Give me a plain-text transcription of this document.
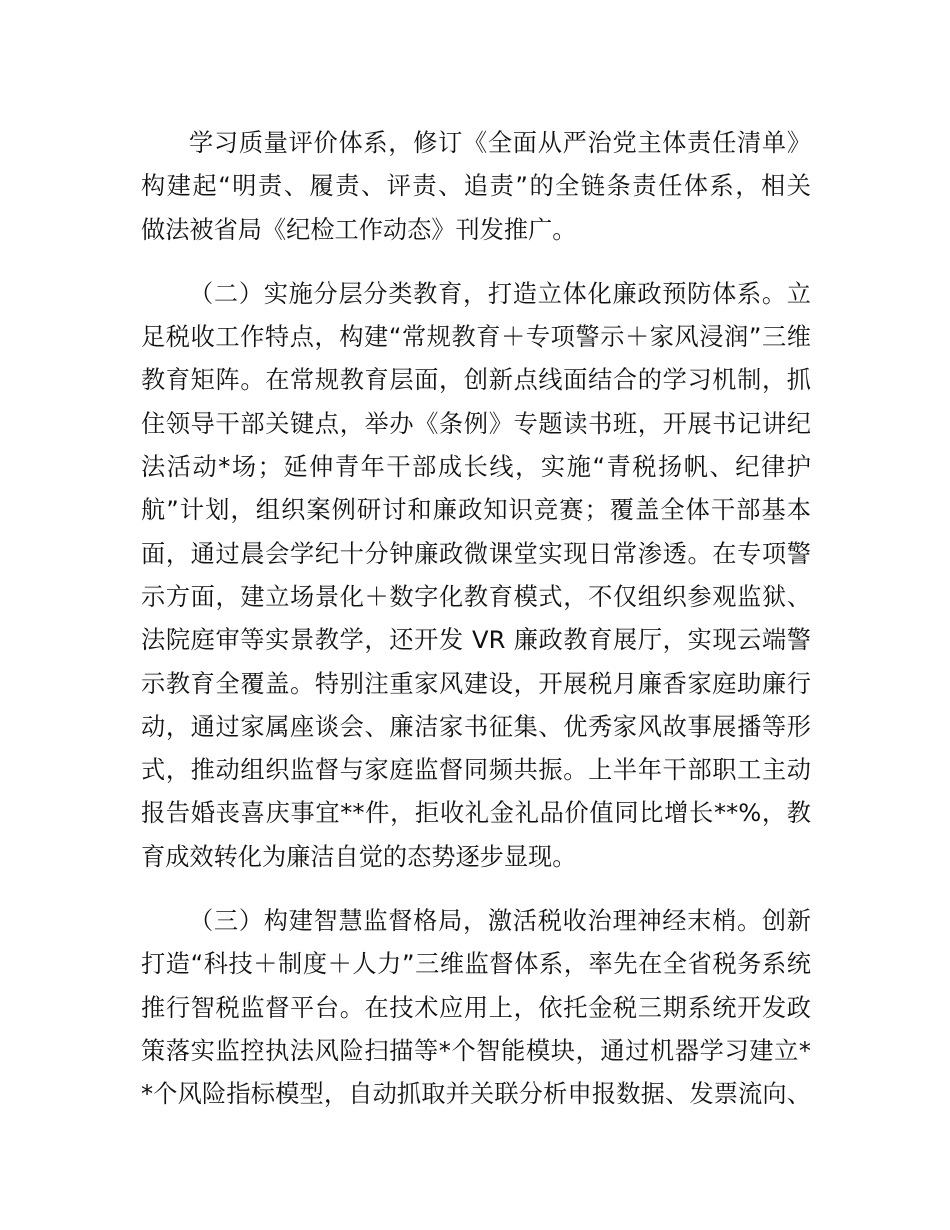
学习质量评价体系，修订《全面从严治党主体责任清单》
构建起“明责、履责、评责、追责”的全链条责任体系，相关
做法被省局《纪检工作动态》刊发推广。

（二）实施分层分类教育，打造立体化廉政预防体系。立
足税收工作特点，构建“常规教育＋专项警示＋家风浸润”三维
教育矩阵。在常规教育层面，创新点线面结合的学习机制，抓
住领导干部关键点，举办《条例》专题读书班，开展书记讲纪
法活动*场；延伸青年干部成长线，实施“青税扬帆、纪律护
航”计划，组织案例研讨和廉政知识竞赛；覆盖全体干部基本
面，通过晨会学纪十分钟廉政微课堂实现日常渗透。在专项警
示方面，建立场景化＋数字化教育模式，不仅组织参观监狱、
法院庭审等实景教学，还开发 VR 廉政教育展厅，实现云端警
示教育全覆盖。特别注重家风建设，开展税月廉香家庭助廉行
动，通过家属座谈会、廉洁家书征集、优秀家风故事展播等形
式，推动组织监督与家庭监督同频共振。上半年干部职工主动
报告婚丧喜庆事宜**件，拒收礼金礼品价值同比增长**%，教
育成效转化为廉洁自觉的态势逐步显现。

（三）构建智慧监督格局，激活税收治理神经末梢。创新
打造“科技＋制度＋人力”三维监督体系，率先在全省税务系统
推行智税监督平台。在技术应用上，依托金税三期系统开发政
策落实监控执法风险扫描等*个智能模块，通过机器学习建立*
*个风险指标模型，自动抓取并关联分析申报数据、发票流向、
